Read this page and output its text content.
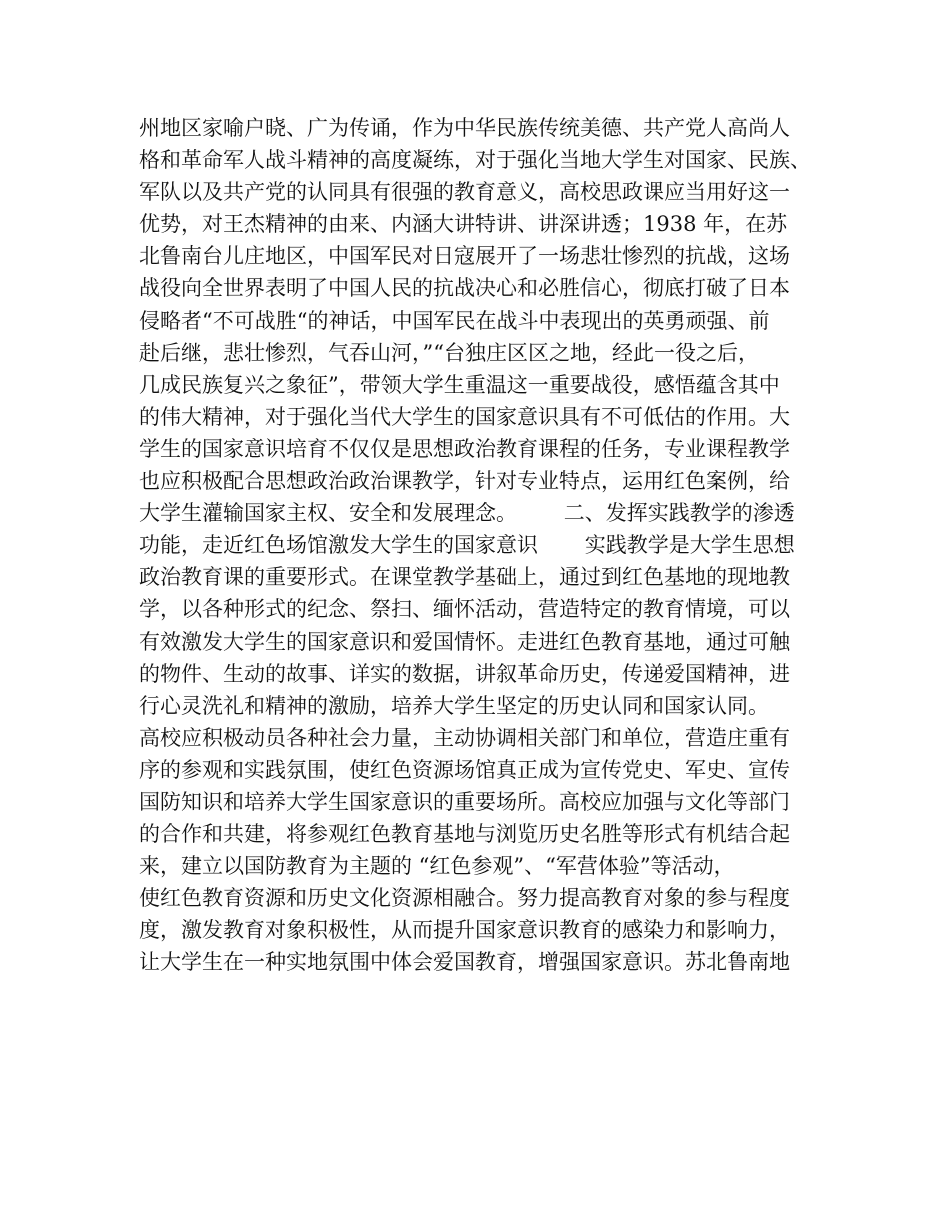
州地区家喻户晓、广为传诵，作为中华民族传统美德、共产党人高尚人
格和革命军人战斗精神的高度凝练，对于强化当地大学生对国家、民族、
军队以及共产党的认同具有很强的教育意义，高校思政课应当用好这一
优势，对王杰精神的由来、内涵大讲特讲、讲深讲透；1938 年，在苏
北鲁南台儿庄地区，中国军民对日寇展开了一场悲壮惨烈的抗战，这场
战役向全世界表明了中国人民的抗战决心和必胜信心，彻底打破了日本
侵略者“不可战胜“的神话，中国军民在战斗中表现出的英勇顽强、前
赴后继，悲壮惨烈，气吞山河，”“台独庄区区之地，经此一役之后，
几成民族复兴之象征”，带领大学生重温这一重要战役，感悟蕴含其中
的伟大精神，对于强化当代大学生的国家意识具有不可低估的作用。大
学生的国家意识培育不仅仅是思想政治教育课程的任务，专业课程教学
也应积极配合思想政治政治课教学，针对专业特点，运用红色案例，给
大学生灌输国家主权、安全和发展理念。       二、发挥实践教学的渗透
功能，走近红色场馆激发大学生的国家意识       实践教学是大学生思想
政治教育课的重要形式。在课堂教学基础上，通过到红色基地的现地教
学，以各种形式的纪念、祭扫、缅怀活动，营造特定的教育情境，可以
有效激发大学生的国家意识和爱国情怀。走进红色教育基地，通过可触
的物件、生动的故事、详实的数据，讲叙革命历史，传递爱国精神，进
行心灵洗礼和精神的激励，培养大学生坚定的历史认同和国家认同。
高校应积极动员各种社会力量，主动协调相关部门和单位，营造庄重有
序的参观和实践氛围，使红色资源场馆真正成为宣传党史、军史、宣传
国防知识和培养大学生国家意识的重要场所。高校应加强与文化等部门
的合作和共建，将参观红色教育基地与浏览历史名胜等形式有机结合起
来，建立以国防教育为主题的 “红色参观”、“军营体验”等活动，
使红色教育资源和历史文化资源相融合。努力提高教育对象的参与程度
度，激发教育对象积极性，从而提升国家意识教育的感染力和影响力，
让大学生在一种实地氛围中体会爱国教育，增强国家意识。苏北鲁南地
